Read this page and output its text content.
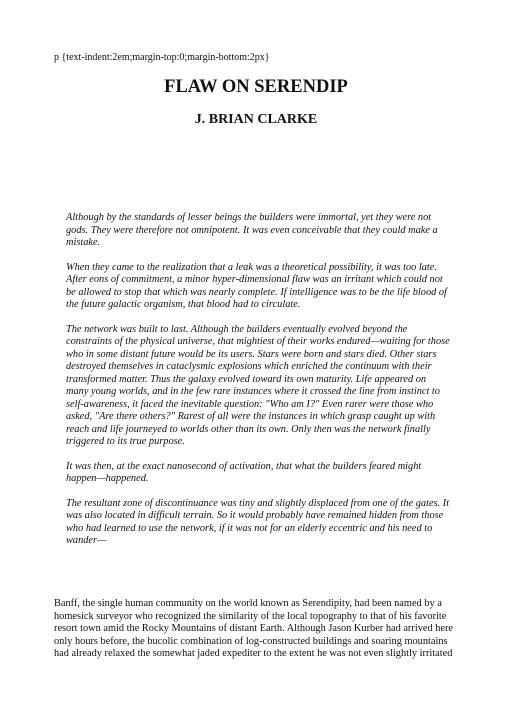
p {text-indent:2em;margin-top:0;margin-bottom:2px}
FLAW ON SERENDIP
J. BRIAN CLARKE

Although by the standards of lesser beings the builders were immortal, yet they were not gods. They were therefore not omnipotent. It was even conceivable that they could make a mistake.

When they came to the realization that a leak was a theoretical possibility, it was too late. After eons of commitment, a minor hyper-dimensional flaw was an irritant which could not be allowed to stop that which was nearly complete. If intelligence was to be the life blood of the future galactic organism, that blood had to circulate.

The network was built to last. Although the builders eventually evolved beyond the constraints of the physical universe, that mightiest of their works endured—waiting for those who in some distant future would be its users. Stars were born and stars died. Other stars destroyed themselves in cataclysmic explosions which enriched the continuum with their transformed matter. Thus the galaxy evolved toward its own maturity. Life appeared on many young worlds, and in the few rare instances where it crossed the line from instinct to self-awareness, it faced the inevitable question: "Who am I?" Even rarer were those who asked, "Are there others?" Rarest of all were the instances in which grasp caught up with reach and life journeyed to worlds other than its own. Only then was the network finally triggered to its true purpose.

It was then, at the exact nanosecond of activation, that what the builders feared might happen—happened.

The resultant zone of discontinuance was tiny and slightly displaced from one of the gates. It was also located in difficult terrain. So it would probably have remained hidden from those who had learned to use the network, if it was not for an elderly eccentric and his need to wander—

Banff, the single human community on the world known as Serendipity, had been named by a homesick surveyor who recognized the similarity of the local topography to that of his favorite resort town amid the Rocky Mountains of distant Earth. Although Jason Kurber had arrived here only hours before, the bucolic combination of log-constructed buildings and soaring mountains had already relaxed the somewhat jaded expediter to the extent he was not even slightly irritated
